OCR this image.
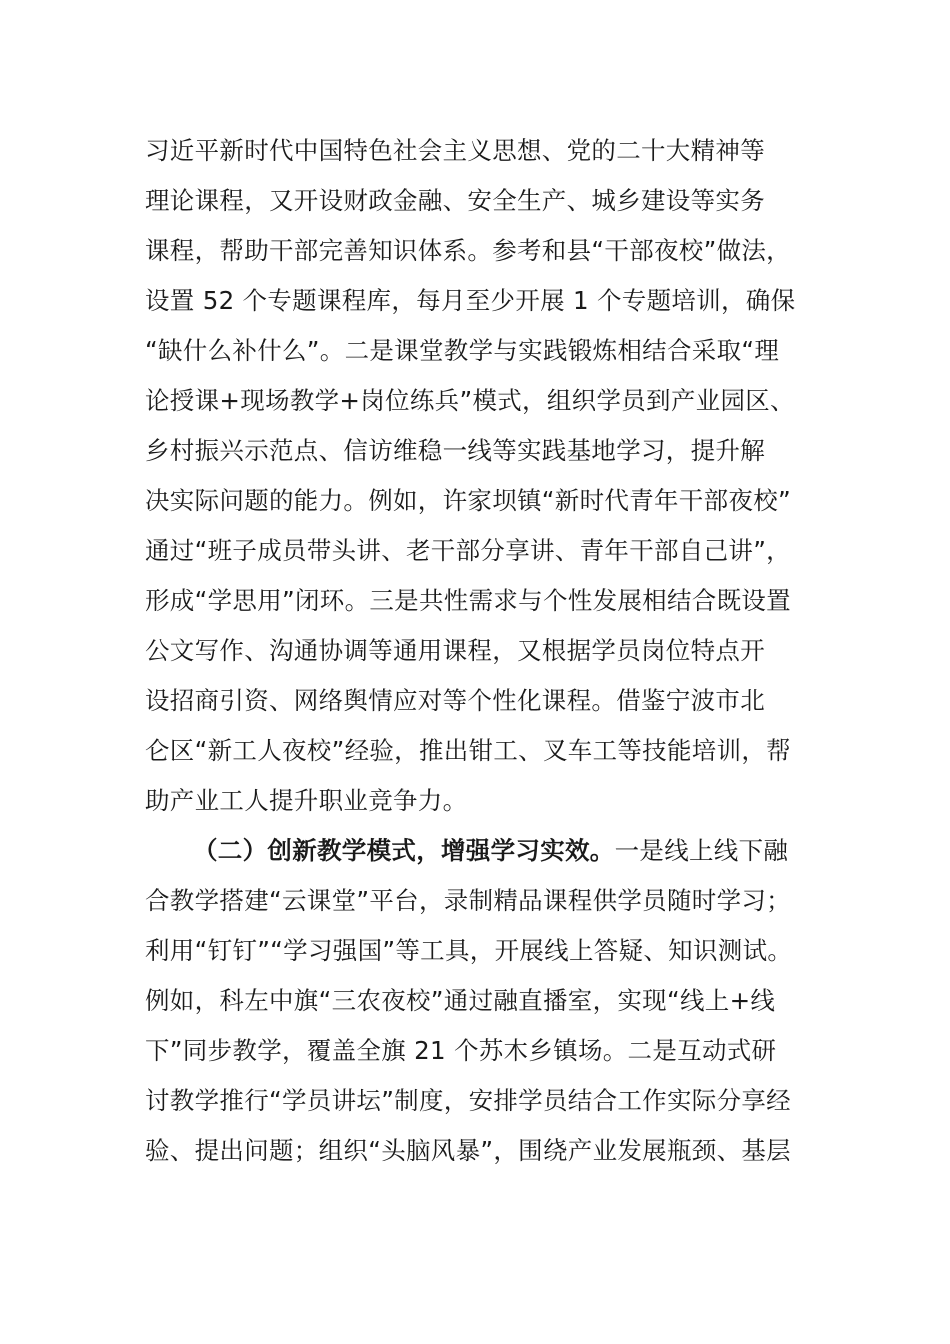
习近平新时代中国特色社会主义思想、党的二十大精神等
理论课程，又开设财政金融、安全生产、城乡建设等实务
课程，帮助干部完善知识体系。参考和县“干部夜校”做法，
设置 52 个专题课程库，每月至少开展 1 个专题培训，确保
“缺什么补什么”。二是课堂教学与实践锻炼相结合采取“理
论授课+现场教学+岗位练兵”模式，组织学员到产业园区、
乡村振兴示范点、信访维稳一线等实践基地学习，提升解
决实际问题的能力。例如，许家坝镇“新时代青年干部夜校”
通过“班子成员带头讲、老干部分享讲、青年干部自己讲”，
形成“学思用”闭环。三是共性需求与个性发展相结合既设置
公文写作、沟通协调等通用课程，又根据学员岗位特点开
设招商引资、网络舆情应对等个性化课程。借鉴宁波市北
仑区“新工人夜校”经验，推出钳工、叉车工等技能培训，帮
助产业工人提升职业竞争力。
（二）创新教学模式，增强学习实效。一是线上线下融
合教学搭建“云课堂”平台，录制精品课程供学员随时学习；
利用“钉钉”“学习强国”等工具，开展线上答疑、知识测试。
例如，科左中旗“三农夜校”通过融直播室，实现“线上+线
下”同步教学，覆盖全旗 21 个苏木乡镇场。二是互动式研
讨教学推行“学员讲坛”制度，安排学员结合工作实际分享经
验、提出问题；组织“头脑风暴”，围绕产业发展瓶颈、基层
